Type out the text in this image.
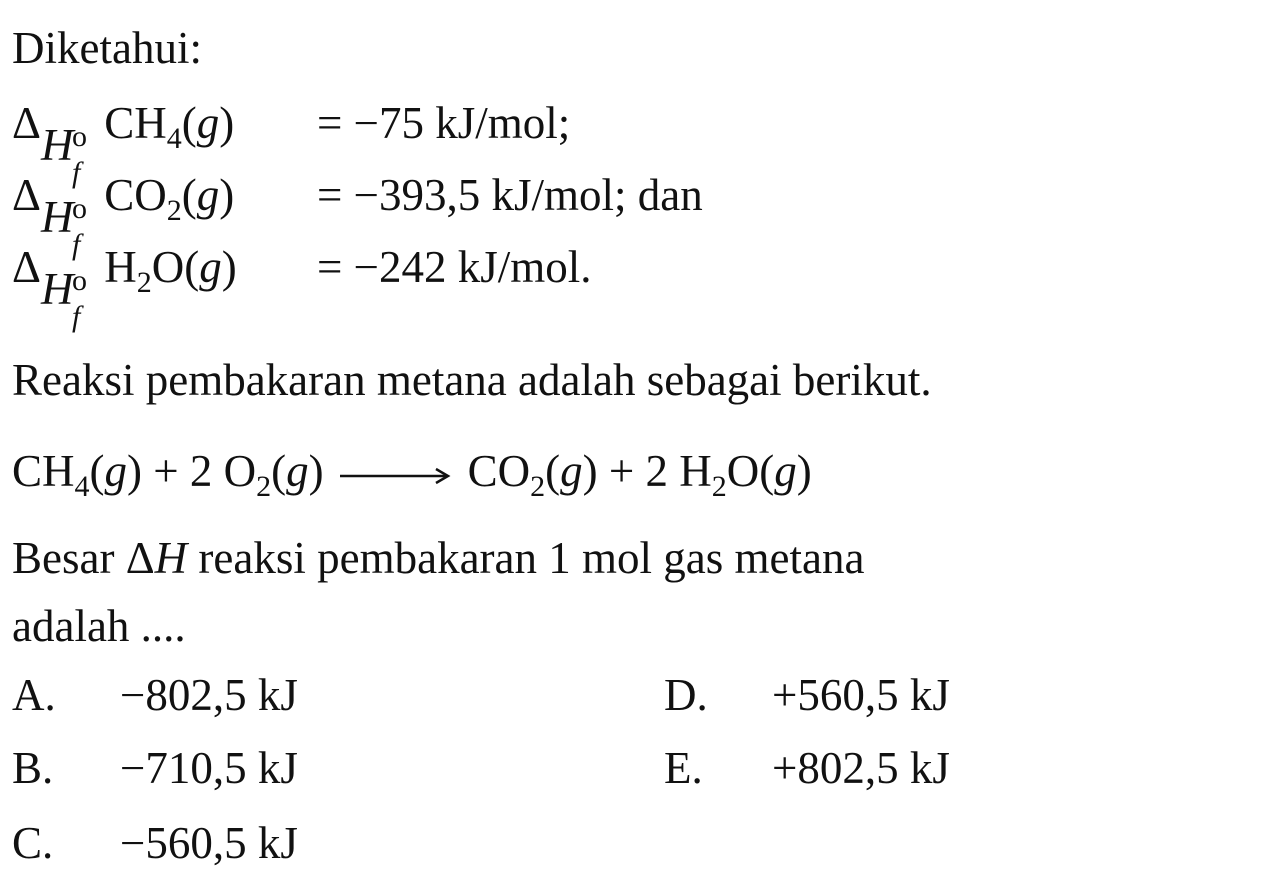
Diketahui:
Δ H
o
f
$CH_4(g) = -75$ kJ/mol;
Δ H
o
f
$CO_2(g) = -393,5$ kJ/mol; dan
Δ H
o
f
$H_2O(g) = -242$ kJ/mol.
Reaksi pembakaran metana adalah sebagai berikut.
$CH_4(g) + 2$ $O_2(g) \to CO_2(g) + 2$ $H_2O(g)$
Besar ΔH reaksi pembakaran 1 mol gas metana
adalah ....
A. −802,5 kJ
B. −710,5 kJ
C. −560,5 kJ
D. +560,5 kJ
E. +802,5 kJ
